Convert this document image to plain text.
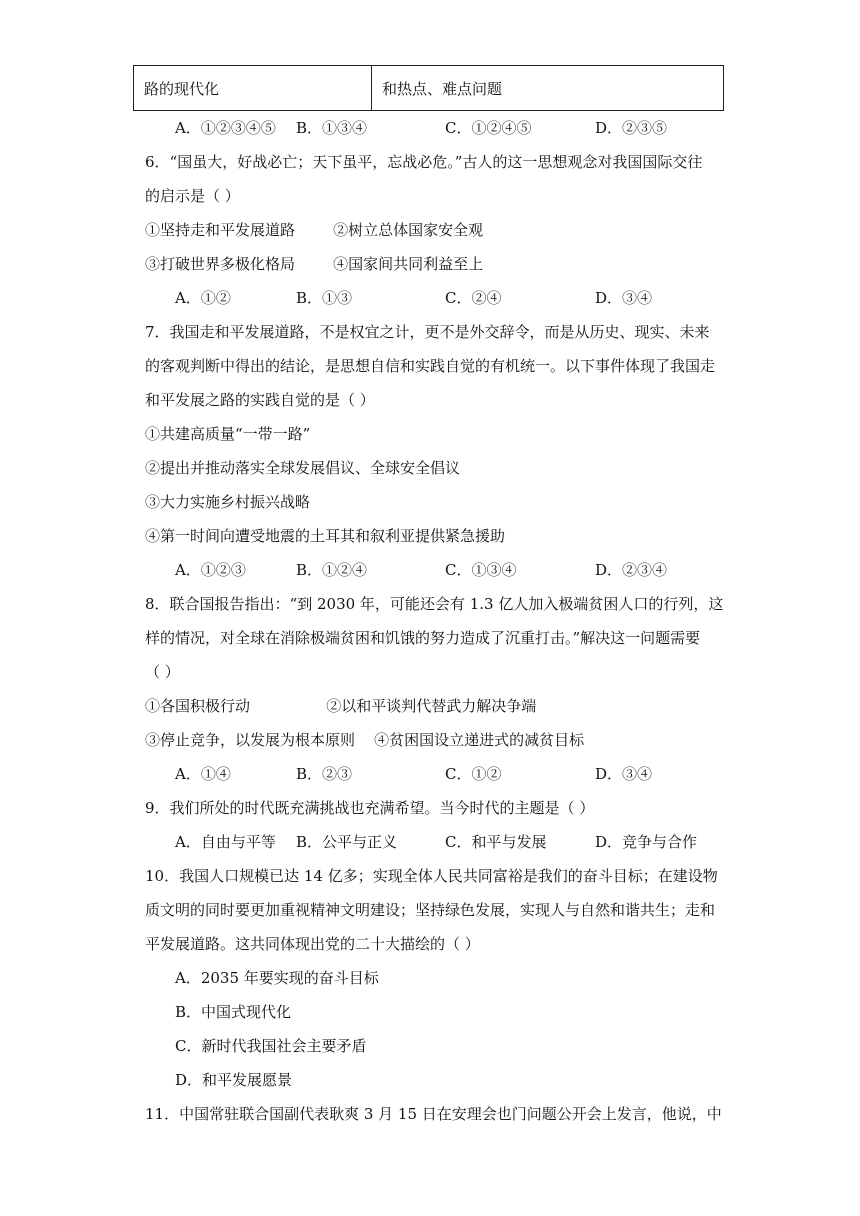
路的现代化	和热点、难点问题
A．①②③④⑤ B．①③④	C．①②④⑤	D．②③⑤
6．“国虽大，好战必亡；天下虽平，忘战必危。”古人的这一思想观念对我国国际交往
的启示是（ ）
①坚持走和平发展道路        ②树立总体国家安全观
③打破世界多极化格局        ④国家间共同利益至上
A．①②	B．①③	C．②④	D．③④
7．我国走和平发展道路，不是权宜之计，更不是外交辞令，而是从历史、现实、未来
的客观判断中得出的结论，是思想自信和实践自觉的有机统一。以下事件体现了我国走
和平发展之路的实践自觉的是（ ）
①共建高质量“一带一路”
②提出并推动落实全球发展倡议、全球安全倡议
③大力实施乡村振兴战略
④第一时间向遭受地震的土耳其和叙利亚提供紧急援助
A．①②③	B．①②④	C．①③④	D．②③④
8．联合国报告指出：“到 2030 年，可能还会有 1.3 亿人加入极端贫困人口的行列，这
样的情况，对全球在消除极端贫困和饥饿的努力造成了沉重打击。”解决这一问题需要
（ ）
①各国积极行动                ②以和平谈判代替武力解决争端
③停止竞争，以发展为根本原则    ④贫困国设立递进式的减贫目标
A．①④	B．②③	C．①②	D．③④
9．我们所处的时代既充满挑战也充满希望。当今时代的主题是（ ）
A．自由与平等 B．公平与正义	C．和平与发展	D．竞争与合作
10．我国人口规模已达 14 亿多；实现全体人民共同富裕是我们的奋斗目标；在建设物
质文明的同时要更加重视精神文明建设；坚持绿色发展，实现人与自然和谐共生；走和
平发展道路。这共同体现出党的二十大描绘的（ ）
A．2035 年要实现的奋斗目标
B．中国式现代化
C．新时代我国社会主要矛盾
D．和平发展愿景
11．中国常驻联合国副代表耿爽 3 月 15 日在安理会也门问题公开会上发言，他说，中
